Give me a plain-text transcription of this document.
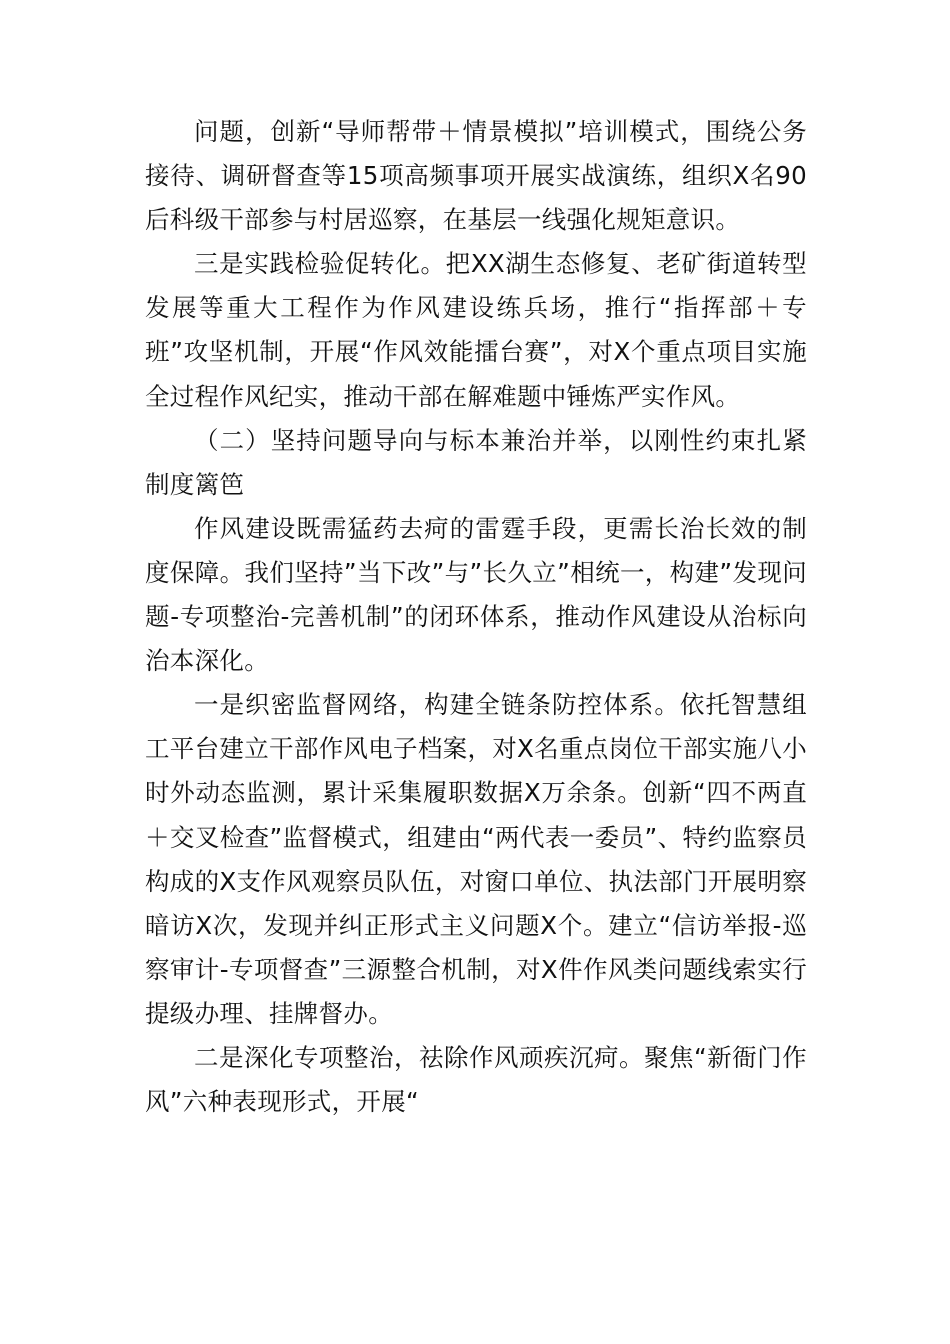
问题，创新“导师帮带＋情景模拟”培训模式，围绕公务接待、调研督查等15项高频事项开展实战演练，组织X名90后科级干部参与村居巡察，在基层一线强化规矩意识。

三是实践检验促转化。把XX湖生态修复、老矿街道转型发展等重大工程作为作风建设练兵场，推行“指挥部＋专班”攻坚机制，开展“作风效能擂台赛”，对X个重点项目实施全过程作风纪实，推动干部在解难题中锤炼严实作风。

（二）坚持问题导向与标本兼治并举，以刚性约束扎紧制度篱笆

作风建设既需猛药去疴的雷霆手段，更需长治长效的制度保障。我们坚持”当下改”与”长久立”相统一，构建”发现问题-专项整治-完善机制”的闭环体系，推动作风建设从治标向治本深化。

一是织密监督网络，构建全链条防控体系。依托智慧组工平台建立干部作风电子档案，对X名重点岗位干部实施八小时外动态监测，累计采集履职数据X万余条。创新“四不两直＋交叉检查”监督模式，组建由“两代表一委员”、特约监察员构成的X支作风观察员队伍，对窗口单位、执法部门开展明察暗访X次，发现并纠正形式主义问题X个。建立“信访举报-巡察审计-专项督查”三源整合机制，对X件作风类问题线索实行提级办理、挂牌督办。

二是深化专项整治，祛除作风顽疾沉疴。聚焦“新衙门作风”六种表现形式，开展“
